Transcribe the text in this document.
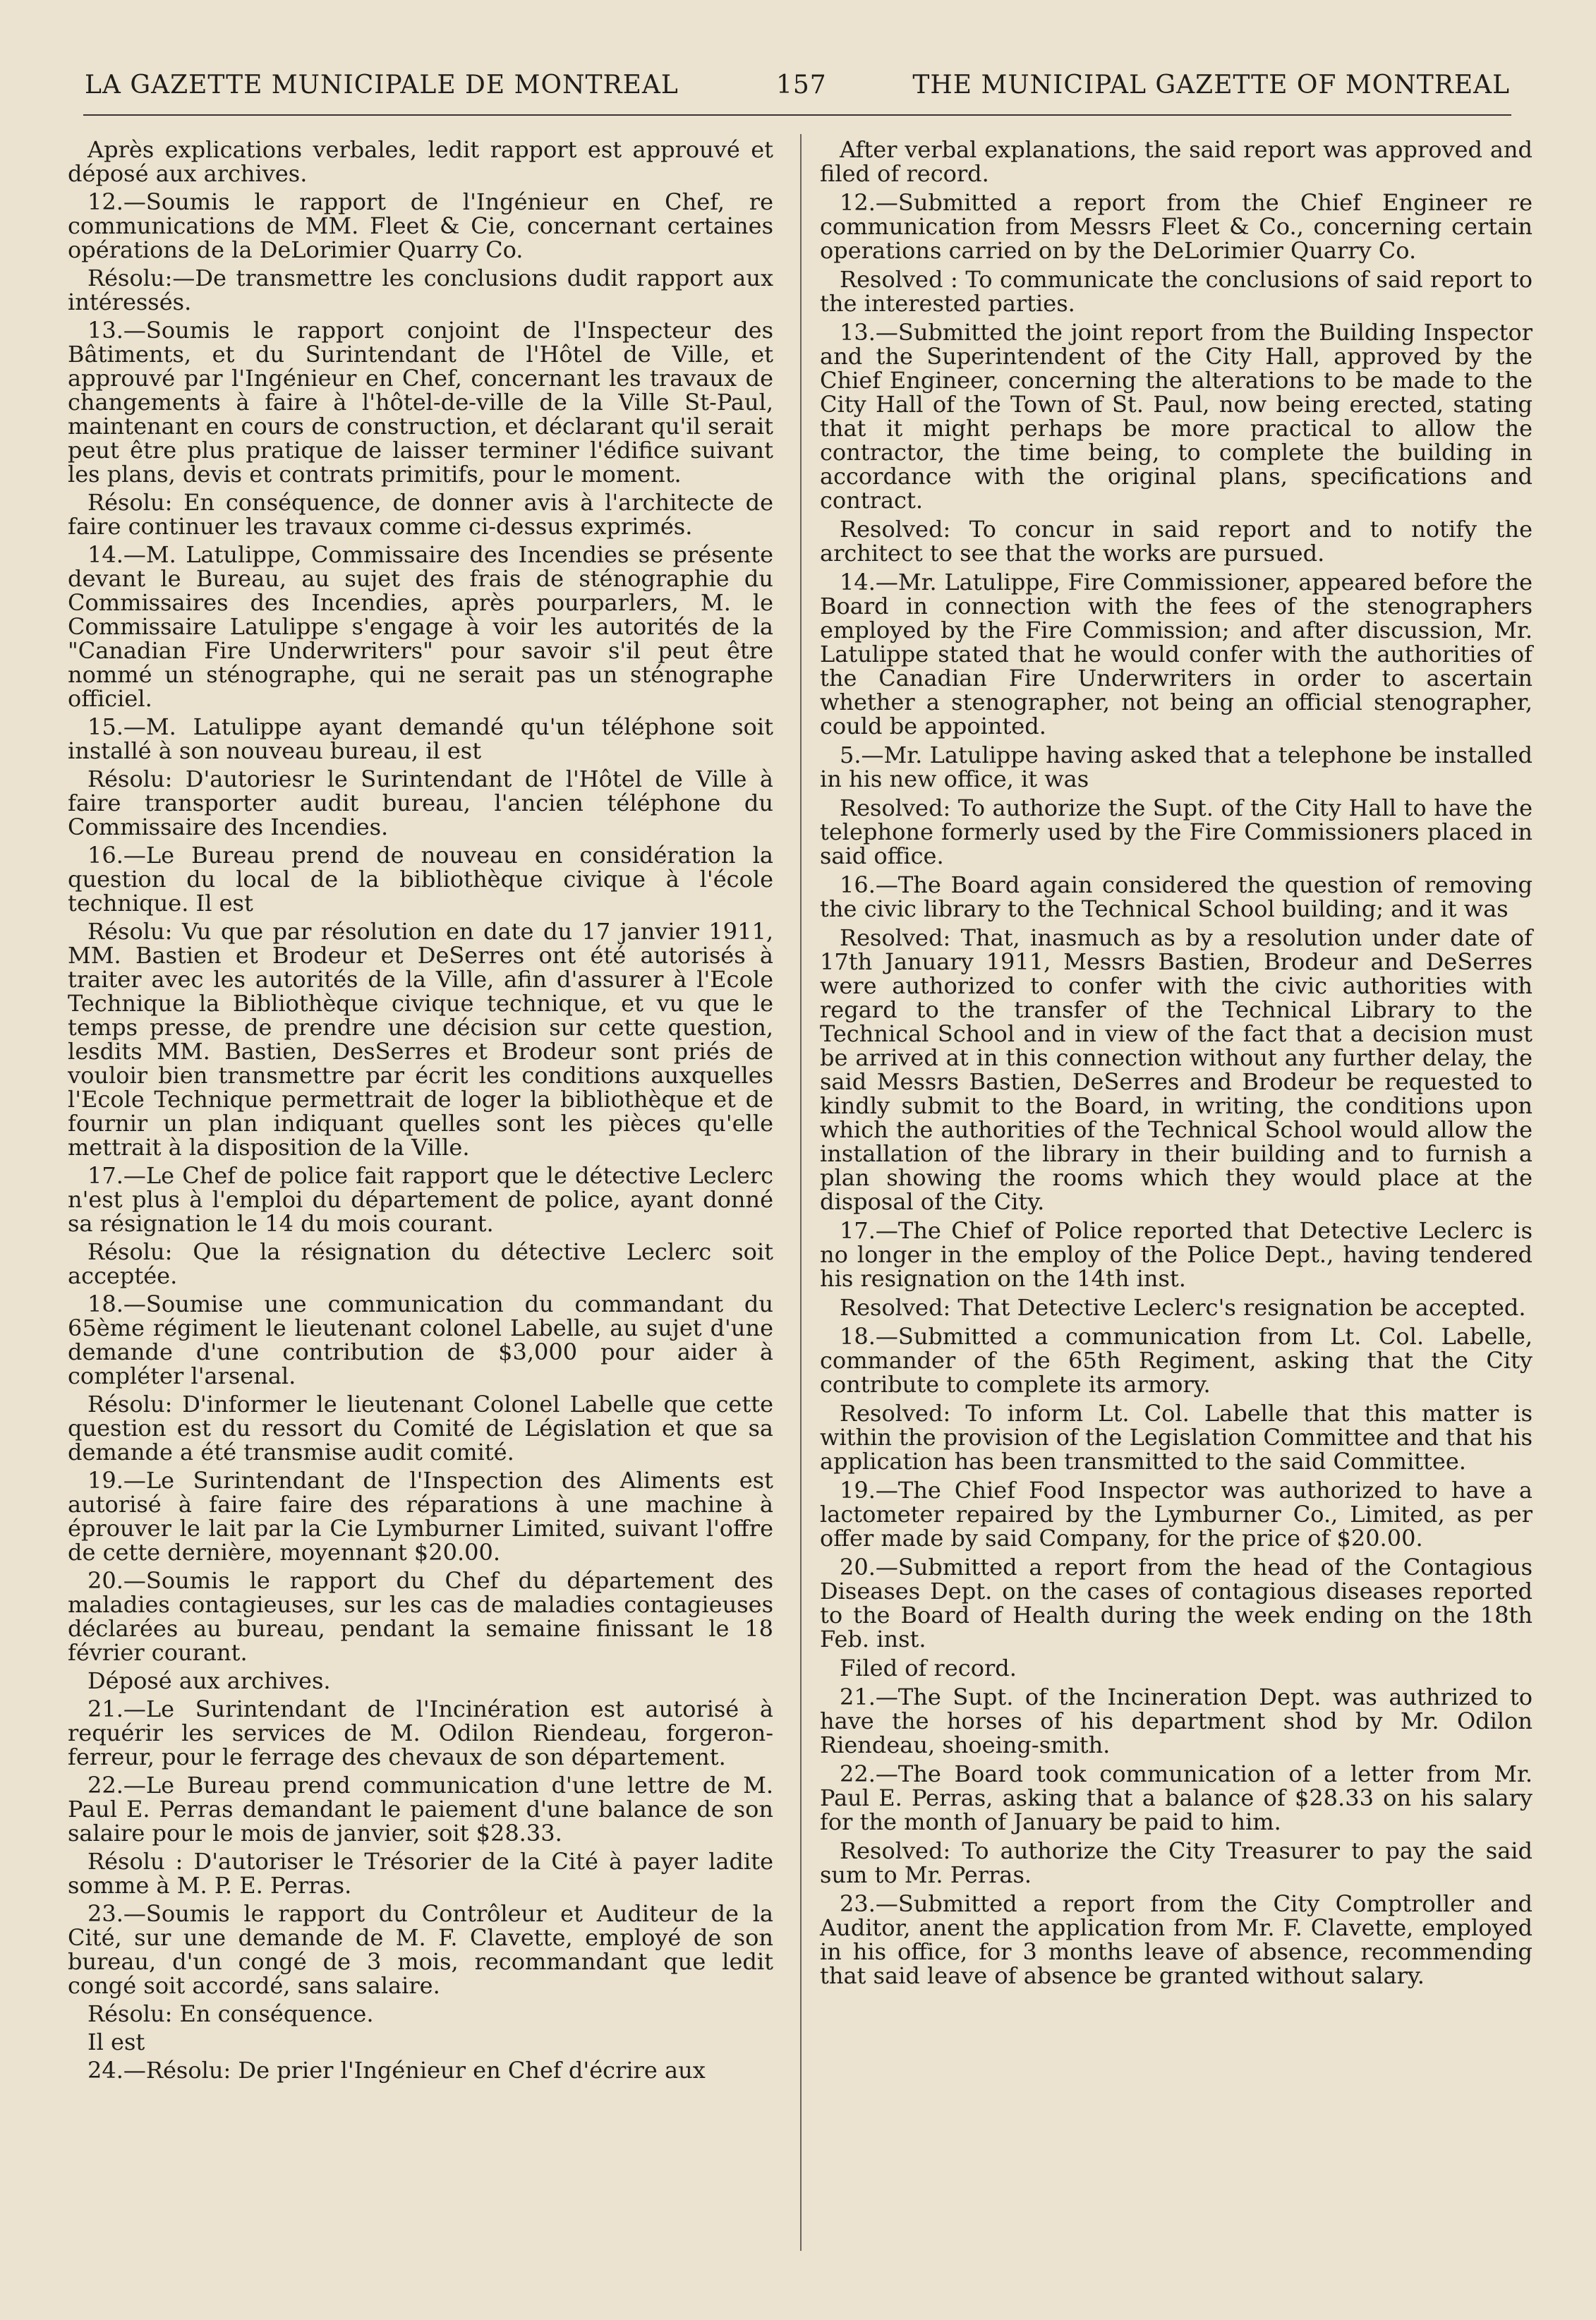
LA GAZETTE MUNICIPALE DE MONTREAL	157	THE MUNICIPAL GAZETTE OF MONTREAL

Après explications verbales, ledit rapport est approuvé et déposé aux archives.

12.—Soumis le rapport de l'Ingénieur en Chef, re communications de MM. Fleet & Cie, concernant certaines opérations de la DeLorimier Quarry Co.

Résolu:—De transmettre les conclusions dudit rapport aux intéressés.

13.—Soumis le rapport conjoint de l'Inspecteur des Bâtiments, et du Surintendant de l'Hôtel de Ville, et approuvé par l'Ingénieur en Chef, concernant les travaux de changements à faire à l'hôtel-de-ville de la Ville St-Paul, maintenant en cours de construction, et déclarant qu'il serait peut être plus pratique de laisser terminer l'édifice suivant les plans, devis et contrats primitifs, pour le moment.

Résolu: En conséquence, de donner avis à l'architecte de faire continuer les travaux comme ci-dessus exprimés.

14.—M. Latulippe, Commissaire des Incendies se présente devant le Bureau, au sujet des frais de sténographie du Commissaires des Incendies, après pourparlers, M. le Commissaire Latulippe s'engage à voir les autorités de la "Canadian Fire Underwriters" pour savoir s'il peut être nommé un sténographe, qui ne serait pas un sténographe officiel.

15.—M. Latulippe ayant demandé qu'un téléphone soit installé à son nouveau bureau, il est

Résolu: D'autoriesr le Surintendant de l'Hôtel de Ville à faire transporter audit bureau, l'ancien téléphone du Commissaire des Incendies.

16.—Le Bureau prend de nouveau en considération la question du local de la bibliothèque civique à l'école technique. Il est

Résolu: Vu que par résolution en date du 17 janvier 1911, MM. Bastien et Brodeur et DeSerres ont été autorisés à traiter avec les autorités de la Ville, afin d'assurer à l'Ecole Technique la Bibliothèque civique technique, et vu que le temps presse, de prendre une décision sur cette question, lesdits MM. Bastien, DesSerres et Brodeur sont priés de vouloir bien transmettre par écrit les conditions auxquelles l'Ecole Technique permettrait de loger la bibliothèque et de fournir un plan indiquant quelles sont les pièces qu'elle mettrait à la disposition de la Ville.

17.—Le Chef de police fait rapport que le détective Leclerc n'est plus à l'emploi du département de police, ayant donné sa résignation le 14 du mois courant.

Résolu: Que la résignation du détective Leclerc soit acceptée.

18.—Soumise une communication du commandant du 65ème régiment le lieutenant colonel Labelle, au sujet d'une demande d'une contribution de $3,000 pour aider à compléter l'arsenal.

Résolu: D'informer le lieutenant Colonel Labelle que cette question est du ressort du Comité de Législation et que sa demande a été transmise audit comité.

19.—Le Surintendant de l'Inspection des Aliments est autorisé à faire faire des réparations à une machine à éprouver le lait par la Cie Lymburner Limited, suivant l'offre de cette dernière, moyennant $20.00.

20.—Soumis le rapport du Chef du département des maladies contagieuses, sur les cas de maladies contagieuses déclarées au bureau, pendant la semaine finissant le 18 février courant.

Déposé aux archives.

21.—Le Surintendant de l'Incinération est autorisé à requérir les services de M. Odilon Riendeau, forgeron-ferreur, pour le ferrage des chevaux de son département.

22.—Le Bureau prend communication d'une lettre de M. Paul E. Perras demandant le paiement d'une balance de son salaire pour le mois de janvier, soit $28.33.

Résolu : D'autoriser le Trésorier de la Cité à payer ladite somme à M. P. E. Perras.

23.—Soumis le rapport du Contrôleur et Auditeur de la Cité, sur une demande de M. F. Clavette, employé de son bureau, d'un congé de 3 mois, recommandant que ledit congé soit accordé, sans salaire.

Résolu: En conséquence.

Il est

24.—Résolu: De prier l'Ingénieur en Chef d'écrire aux

After verbal explanations, the said report was approved and filed of record.

12.—Submitted a report from the Chief Engineer re communication from Messrs Fleet & Co., concerning certain operations carried on by the DeLorimier Quarry Co.

Resolved : To communicate the conclusions of said report to the interested parties.

13.—Submitted the joint report from the Building Inspector and the Superintendent of the City Hall, approved by the Chief Engineer, concerning the alterations to be made to the City Hall of the Town of St. Paul, now being erected, stating that it might perhaps be more practical to allow the contractor, the time being, to complete the building in accordance with the original plans, specifications and contract.

Resolved: To concur in said report and to notify the architect to see that the works are pursued.

14.—Mr. Latulippe, Fire Commissioner, appeared before the Board in connection with the fees of the stenographers employed by the Fire Commission; and after discussion, Mr. Latulippe stated that he would confer with the authorities of the Canadian Fire Underwriters in order to ascertain whether a stenographer, not being an official stenographer, could be appointed.

5.—Mr. Latulippe having asked that a telephone be installed in his new office, it was

Resolved: To authorize the Supt. of the City Hall to have the telephone formerly used by the Fire Commissioners placed in said office.

16.—The Board again considered the question of removing the civic library to the Technical School building; and it was

Resolved: That, inasmuch as by a resolution under date of 17th January 1911, Messrs Bastien, Brodeur and DeSerres were authorized to confer with the civic authorities with regard to the transfer of the Technical Library to the Technical School and in view of the fact that a decision must be arrived at in this connection without any further delay, the said Messrs Bastien, DeSerres and Brodeur be requested to kindly submit to the Board, in writing, the conditions upon which the authorities of the Technical School would allow the installation of the library in their building and to furnish a plan showing the rooms which they would place at the disposal of the City.

17.—The Chief of Police reported that Detective Leclerc is no longer in the employ of the Police Dept., having tendered his resignation on the 14th inst.

Resolved: That Detective Leclerc's resignation be accepted.

18.—Submitted a communication from Lt. Col. Labelle, commander of the 65th Regiment, asking that the City contribute to complete its armory.

Resolved: To inform Lt. Col. Labelle that this matter is within the provision of the Legislation Committee and that his application has been transmitted to the said Committee.

19.—The Chief Food Inspector was authorized to have a lactometer repaired by the Lymburner Co., Limited, as per offer made by said Company, for the price of $20.00.

20.—Submitted a report from the head of the Contagious Diseases Dept. on the cases of contagious diseases reported to the Board of Health during the week ending on the 18th Feb. inst.

Filed of record.

21.—The Supt. of the Incineration Dept. was authrized to have the horses of his department shod by Mr. Odilon Riendeau, shoeing-smith.

22.—The Board took communication of a letter from Mr. Paul E. Perras, asking that a balance of $28.33 on his salary for the month of January be paid to him.

Resolved: To authorize the City Treasurer to pay the said sum to Mr. Perras.

23.—Submitted a report from the City Comptroller and Auditor, anent the application from Mr. F. Clavette, employed in his office, for 3 months leave of absence, recommending that said leave of absence be granted without salary.
